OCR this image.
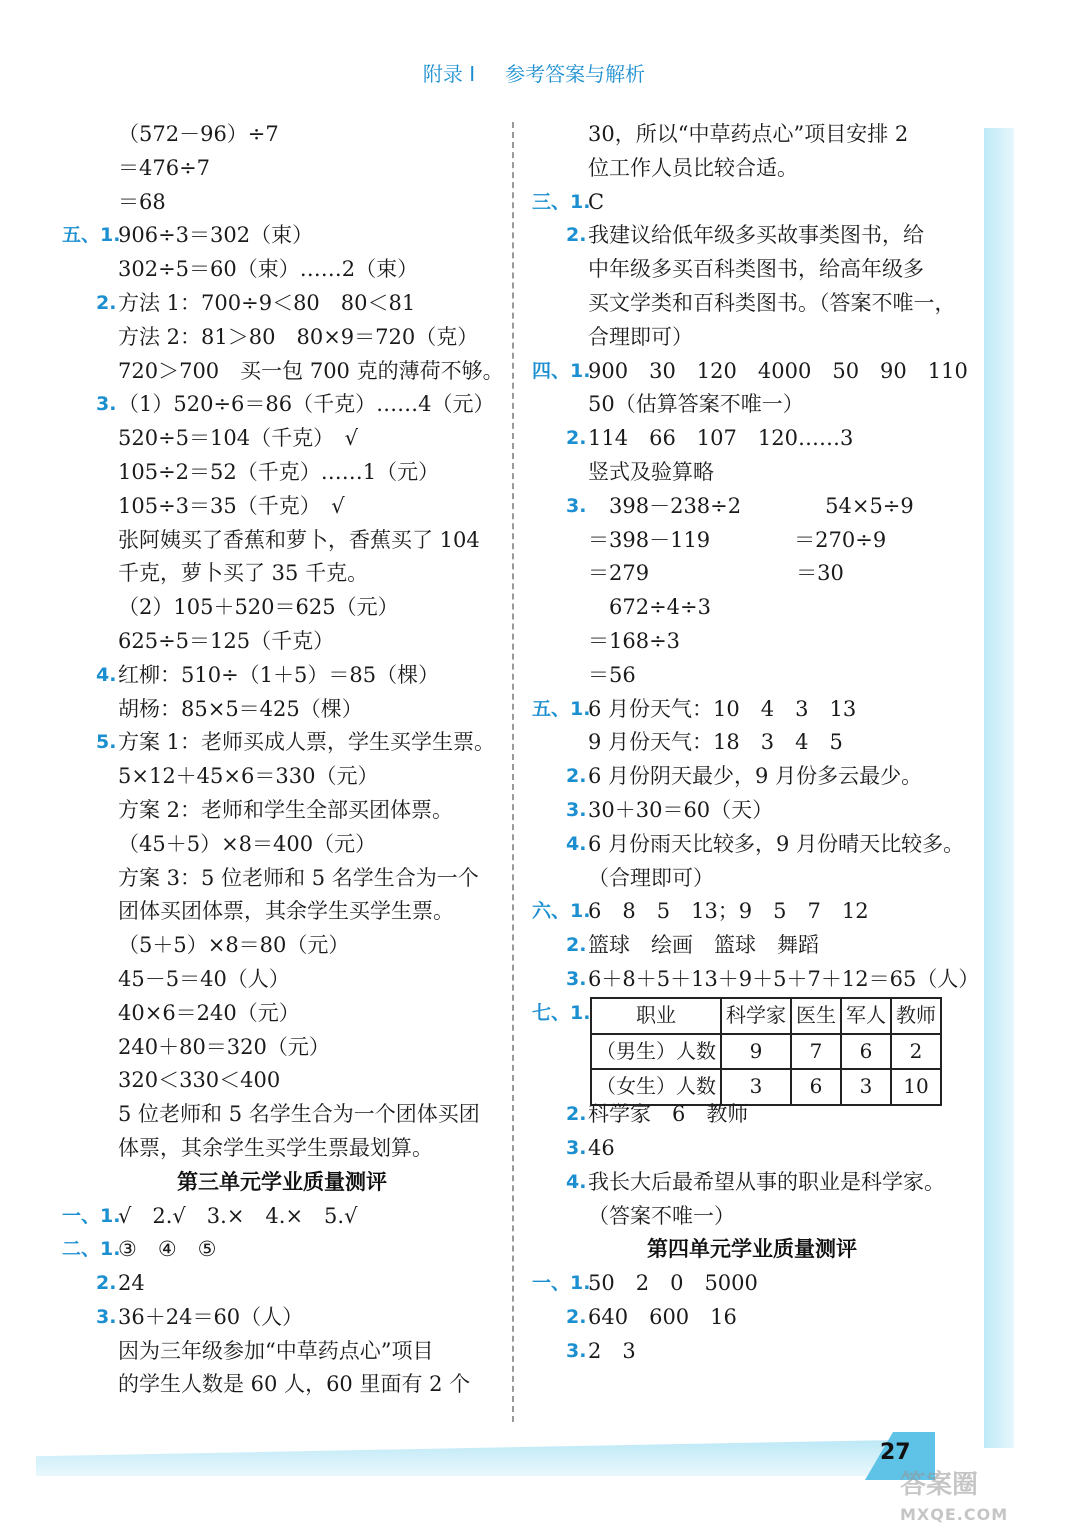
附录 I 参考答案与解析
（572－96）÷7
＝476÷7
＝68
五、1.
906÷3＝302（束）
302÷5＝60（束）……2（束）
2. 方法 1：700÷9＜80　80＜81
方法 2：81＞80　80×9＝720（克）
720＞700　买一包 700 克的薄荷不够。
3. （1）520÷6＝86（千克）……4（元）
520÷5＝104（千克）　√
105÷2＝52（千克）……1（元）
105÷3＝35（千克）　√
张阿姨买了香蕉和萝卜，香蕉买了 104
千克，萝卜买了 35 千克。
（2）105＋520＝625（元）
625÷5＝125（千克）
4. 红柳：510÷（1＋5）＝85（棵）
胡杨：85×5＝425（棵）
5. 方案 1：老师买成人票，学生买学生票。
5×12＋45×6＝330（元）
方案 2：老师和学生全部买团体票。
（45＋5）×8＝400（元）
方案 3：5 位老师和 5 名学生合为一个
团体买团体票，其余学生买学生票。
（5＋5）×8＝80（元）
45－5＝40（人）
40×6＝240（元）
240＋80＝320（元）
320＜330＜400
5 位老师和 5 名学生合为一个团体买团
体票，其余学生买学生票最划算。
第三单元学业质量测评
一、1.
√　2.√　3.×　4.×　5.√
二、1.
③　④　⑤
2. 24
3. 36＋24＝60（人）
因为三年级参加“中草药点心”项目
的学生人数是 60 人，60 里面有 2 个
30，所以“中草药点心”项目安排 2
位工作人员比较合适。
三、1.
C
2. 我建议给低年级多买故事类图书，给
中年级多买百科类图书，给高年级多
买文学类和百科类图书。（答案不唯一，
合理即可）
四、1.
900　30　120　4000　50　90　110
50（估算答案不唯一）
2. 114　66　107　120……3
竖式及验算略
3. 　398－238÷2　　　　54×5÷9
＝398－119　　　　＝270÷9
＝279　　　　　　　＝30
　672÷4÷3
＝168÷3
＝56
五、1.
6 月份天气：10　4　3　13
9 月份天气：18　3　4　5
2. 6 月份阴天最少，9 月份多云最少。
3. 30＋30＝60（天）
4. 6 月份雨天比较多，9 月份晴天比较多。
（合理即可）
六、1.
6　8　5　13；9　5　7　12
2. 篮球　绘画　篮球　舞蹈
3. 6＋8＋5＋13＋9＋5＋7＋12＝65（人）
七、1. 职业	科学家	医生	军人	教师
（男生）人数	9	7	6	2
（女生）人数	3	6	3	10
2. 科学家　6　教师
3. 46
4. 我长大后最希望从事的职业是科学家。
（答案不唯一）
第四单元学业质量测评
一、1.
50　2　0　5000
2. 640　600　16
3. 2　3
27
答案圈
MXQE.COM
